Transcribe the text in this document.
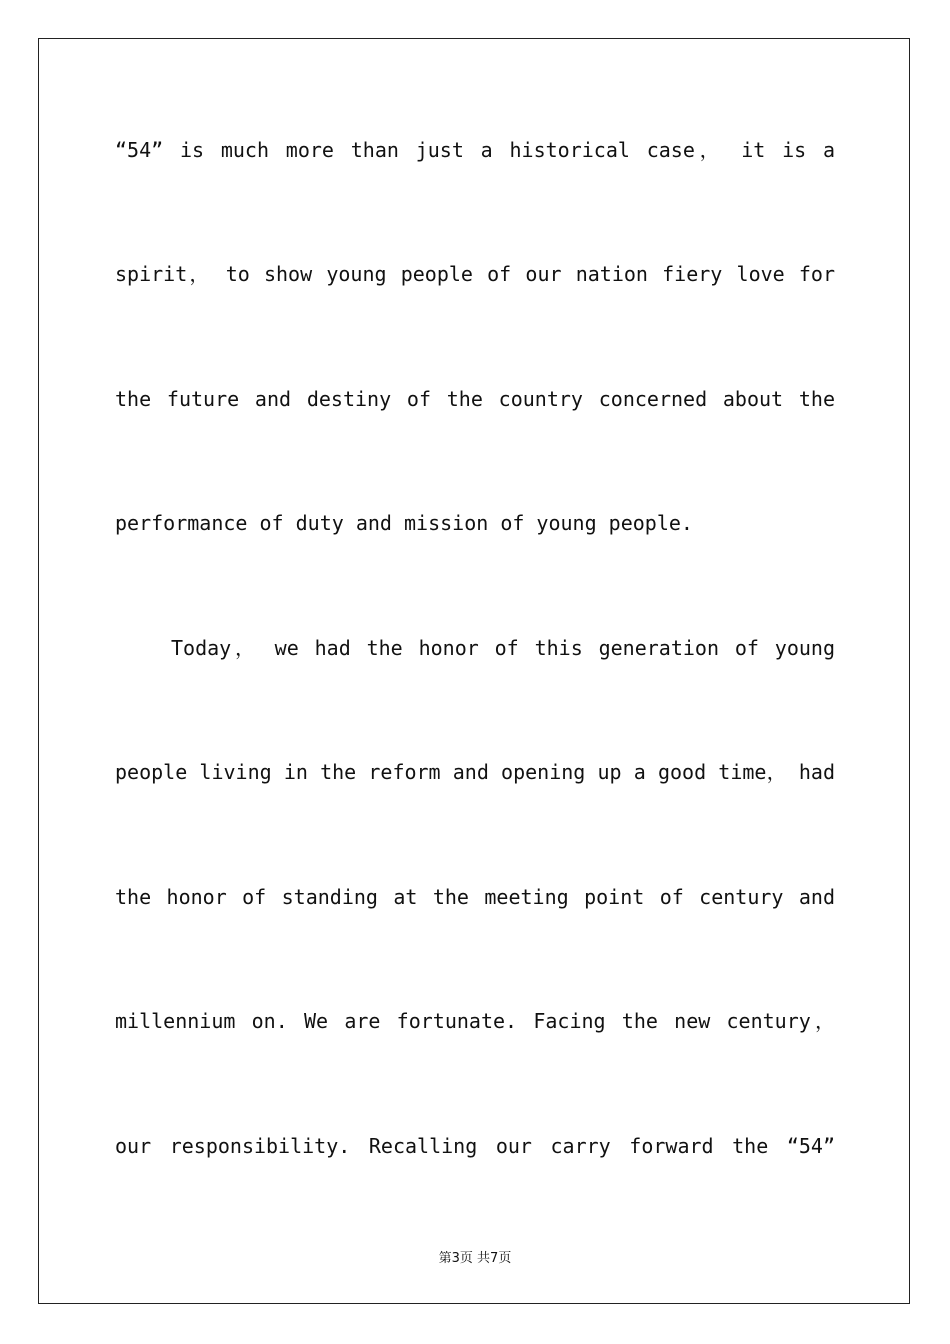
“54” is much more than just a historical case， it is a
spirit， to show young people of our nation fiery love for
the future and destiny of the country concerned about the
performance of duty and mission of young people.
Today， we had the honor of this generation of young
people living in the reform and opening up a good time， had
the honor of standing at the meeting point of century and
millennium on. We are fortunate. Facing the new century，
our responsibility. Recalling our carry forward the “54”
第3页 共7页
